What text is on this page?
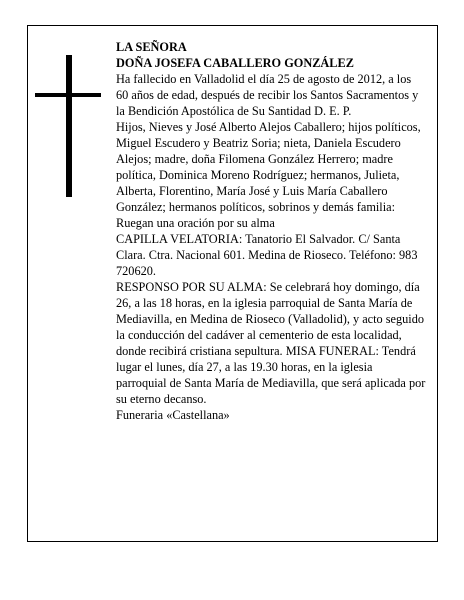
LA SEÑORA

DOÑA JOSEFA CABALLERO GONZÁLEZ

Ha fallecido en Valladolid el día 25 de agosto de 2012, a los 60 años de edad, después de recibir los Santos Sacramentos y la Bendición Apostólica de Su Santidad D. E. P.

Hijos, Nieves y José Alberto Alejos Caballero; hijos políticos, Miguel Escudero y Beatriz Soria; nieta, Daniela Escudero Alejos; madre, doña Filomena González Herrero; madre política, Dominica Moreno Rodríguez; hermanos, Julieta, Alberta, Florentino, María José y Luis María Caballero González; hermanos políticos, sobrinos y demás familia:

Ruegan una oración por su alma

CAPILLA VELATORIA: Tanatorio El Salvador. C/ Santa Clara. Ctra. Nacional 601. Medina de Rioseco. Teléfono: 983 720620.

RESPONSO POR SU ALMA: Se celebrará hoy domingo, día 26, a las 18 horas, en la iglesia parroquial de Santa María de Mediavilla, en Medina de Rioseco (Valladolid), y acto seguido la conducción del cadáver al cementerio de esta localidad, donde recibirá cristiana sepultura. MISA FUNERAL: Tendrá lugar el lunes, día 27, a las 19.30 horas, en la iglesia parroquial de Santa María de Mediavilla, que será aplicada por su eterno decanso.

Funeraria «Castellana»
